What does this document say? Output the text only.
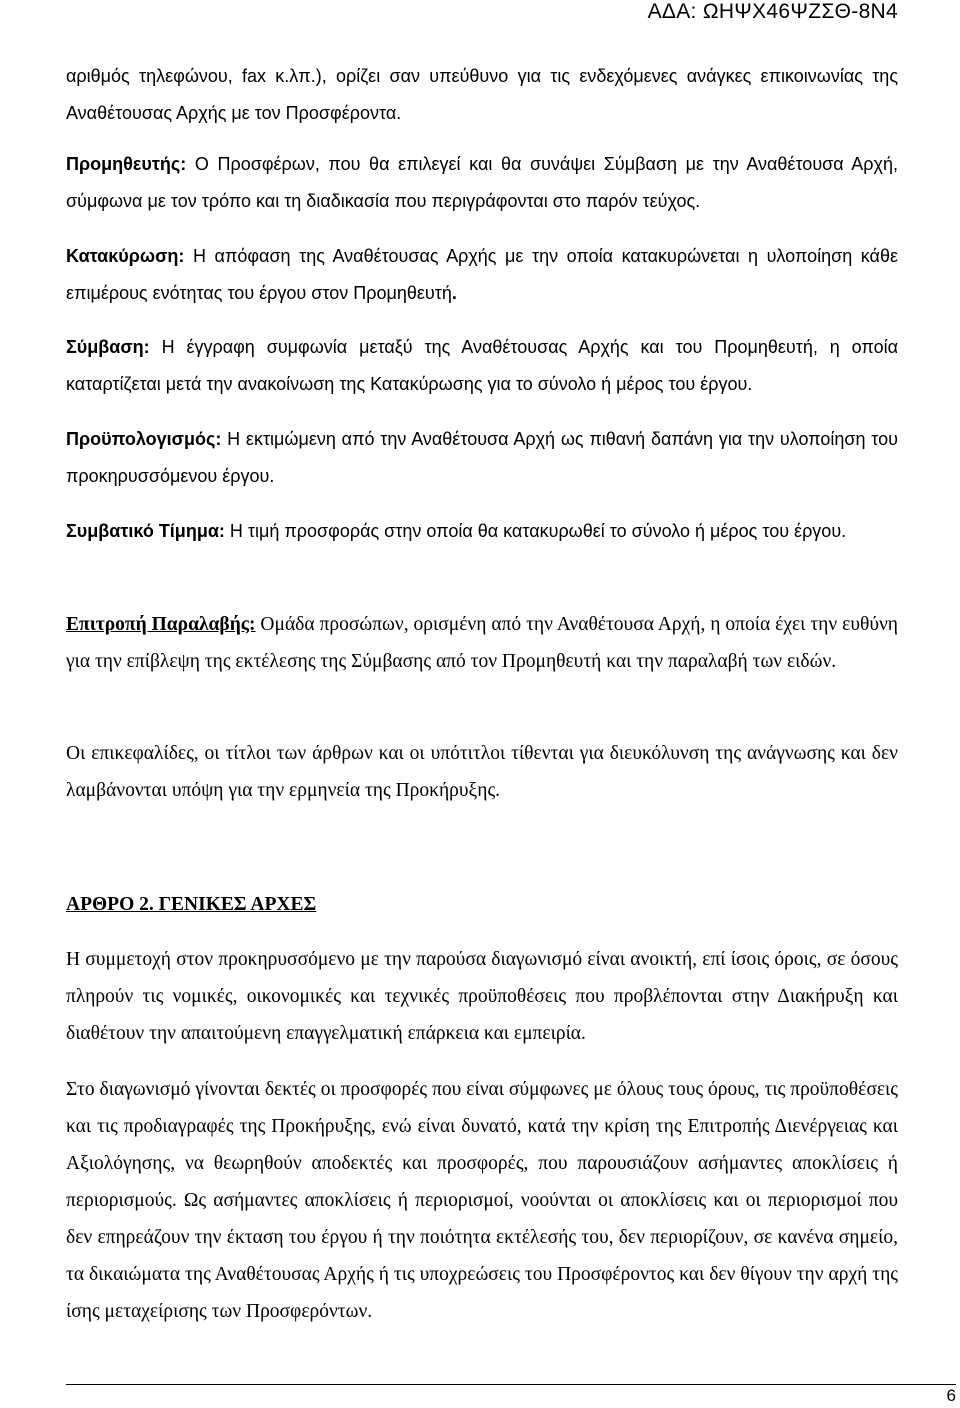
ΑΔΑ: ΩΗΨΧ46ΨΖΣΘ-8Ν4

αριθμός τηλεφώνου, fax κ.λπ.), ορίζει σαν υπεύθυνο για τις ενδεχόμενες ανάγκες επικοινωνίας της Αναθέτουσας Αρχής με τον Προσφέροντα.

Προμηθευτής: Ο Προσφέρων, που θα επιλεγεί και θα συνάψει Σύμβαση με την Αναθέτουσα Αρχή, σύμφωνα με τον τρόπο και τη διαδικασία που περιγράφονται στο παρόν τεύχος.

Κατακύρωση: Η απόφαση της Αναθέτουσας Αρχής με την οποία κατακυρώνεται η υλοποίηση κάθε επιμέρους ενότητας του έργου στον Προμηθευτή.

Σύμβαση: Η έγγραφη συμφωνία μεταξύ της Αναθέτουσας Αρχής και του Προμηθευτή, η οποία καταρτίζεται μετά την ανακοίνωση της Κατακύρωσης για το σύνολο ή μέρος του έργου.

Προϋπολογισμός: Η εκτιμώμενη από την Αναθέτουσα Αρχή ως πιθανή δαπάνη για την υλοποίηση του προκηρυσσόμενου έργου.

Συμβατικό Τίμημα: Η τιμή προσφοράς στην οποία θα κατακυρωθεί το σύνολο ή μέρος του έργου.

Επιτροπή Παραλαβής: Ομάδα προσώπων, ορισμένη από την Αναθέτουσα Αρχή, η οποία έχει την ευθύνη για την επίβλεψη της εκτέλεσης της Σύμβασης από τον Προμηθευτή και την παραλαβή των ειδών.

Οι επικεφαλίδες, οι τίτλοι των άρθρων και οι υπότιτλοι τίθενται για διευκόλυνση της ανάγνωσης και δεν λαμβάνονται υπόψη για την ερμηνεία της Προκήρυξης.

ΑΡΘΡΟ 2. ΓΕΝΙΚΕΣ ΑΡΧΕΣ

Η συμμετοχή στον προκηρυσσόμενο με την παρούσα διαγωνισμό είναι ανοικτή, επί ίσοις όροις, σε όσους πληρούν τις νομικές, οικονομικές και τεχνικές προϋποθέσεις που προβλέπονται στην Διακήρυξη και διαθέτουν την απαιτούμενη επαγγελματική επάρκεια και εμπειρία.

Στο διαγωνισμό γίνονται δεκτές οι προσφορές που είναι σύμφωνες με όλους τους όρους, τις προϋποθέσεις και τις προδιαγραφές της Προκήρυξης, ενώ είναι δυνατό, κατά την κρίση της Επιτροπής Διενέργειας και Αξιολόγησης, να θεωρηθούν αποδεκτές και προσφορές, που παρουσιάζουν ασήμαντες αποκλίσεις ή περιορισμούς. Ως ασήμαντες αποκλίσεις ή περιορισμοί, νοούνται οι αποκλίσεις και οι περιορισμοί που δεν επηρεάζουν την έκταση του έργου ή την ποιότητα εκτέλεσής του, δεν περιορίζουν, σε κανένα σημείο, τα δικαιώματα της Αναθέτουσας Αρχής ή τις υποχρεώσεις του Προσφέροντος και δεν θίγουν την αρχή της ίσης μεταχείρισης των Προσφερόντων.

6
